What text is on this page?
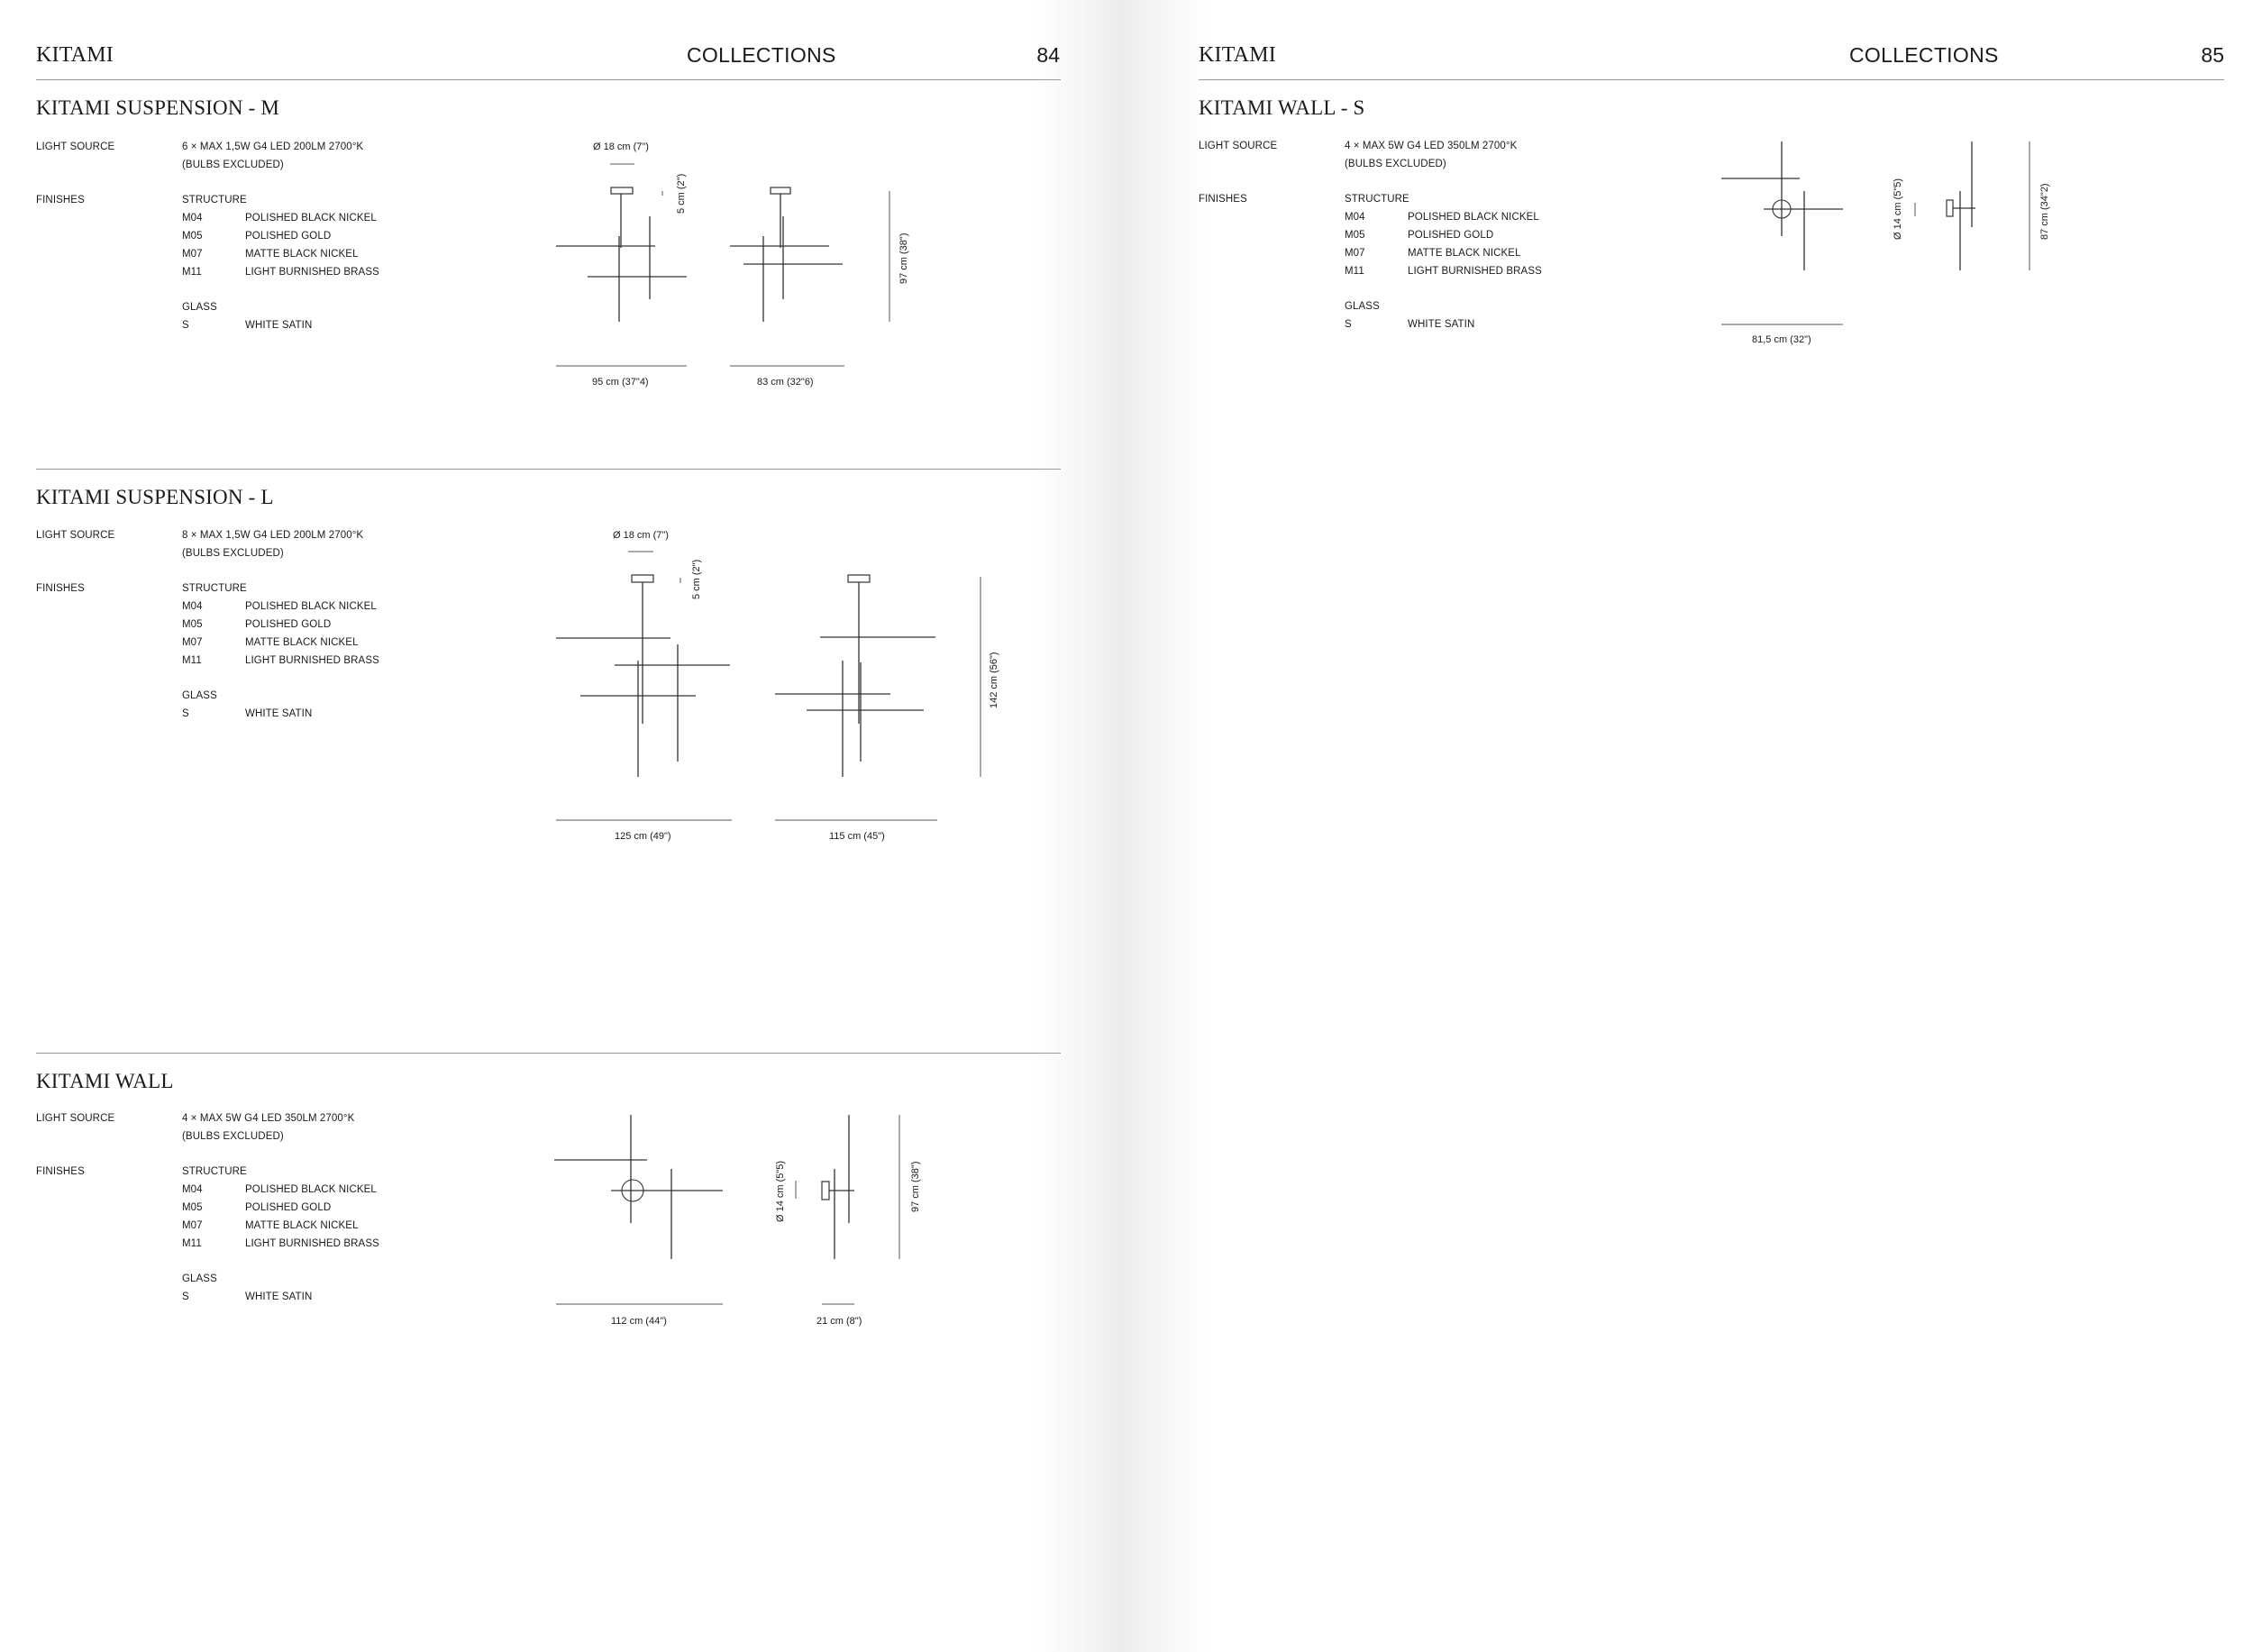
KITAMI	COLLECTIONS	84
KITAMI SUSPENSION - M
LIGHT SOURCE	6 × MAX 1,5W G4 LED 200LM 2700°K
(BULBS EXCLUDED)
FINISHES	STRUCTURE
M04	POLISHED BLACK NICKEL
M05	POLISHED GOLD
M07	MATTE BLACK NICKEL
M11	LIGHT BURNISHED BRASS
GLASS
S	WHITE SATIN
Ø 18 cm (7")
5 cm (2")
97 cm (38")
95 cm (37"4)	83 cm (32"6)
KITAMI SUSPENSION - L
LIGHT SOURCE	8 × MAX 1,5W G4 LED 200LM 2700°K
(BULBS EXCLUDED)
FINISHES	STRUCTURE
M04	POLISHED BLACK NICKEL
M05	POLISHED GOLD
M07	MATTE BLACK NICKEL
M11	LIGHT BURNISHED BRASS
GLASS
S	WHITE SATIN
Ø 18 cm (7")
5 cm (2")
142 cm (56")
125 cm (49")	115 cm (45")
KITAMI WALL
LIGHT SOURCE	4 × MAX 5W G4 LED 350LM 2700°K
(BULBS EXCLUDED)
FINISHES	STRUCTURE
M04	POLISHED BLACK NICKEL
M05	POLISHED GOLD
M07	MATTE BLACK NICKEL
M11	LIGHT BURNISHED BRASS
GLASS
S	WHITE SATIN
Ø 14 cm (5"5)	97 cm (38")
112 cm (44")	21 cm (8")
KITAMI	COLLECTIONS	85
KITAMI WALL - S
LIGHT SOURCE	4 × MAX 5W G4 LED 350LM 2700°K
(BULBS EXCLUDED)
FINISHES	STRUCTURE
M04	POLISHED BLACK NICKEL
M05	POLISHED GOLD
M07	MATTE BLACK NICKEL
M11	LIGHT BURNISHED BRASS
GLASS
S	WHITE SATIN
Ø 14 cm (5"5)	87 cm (34"2)
81,5 cm (32")
